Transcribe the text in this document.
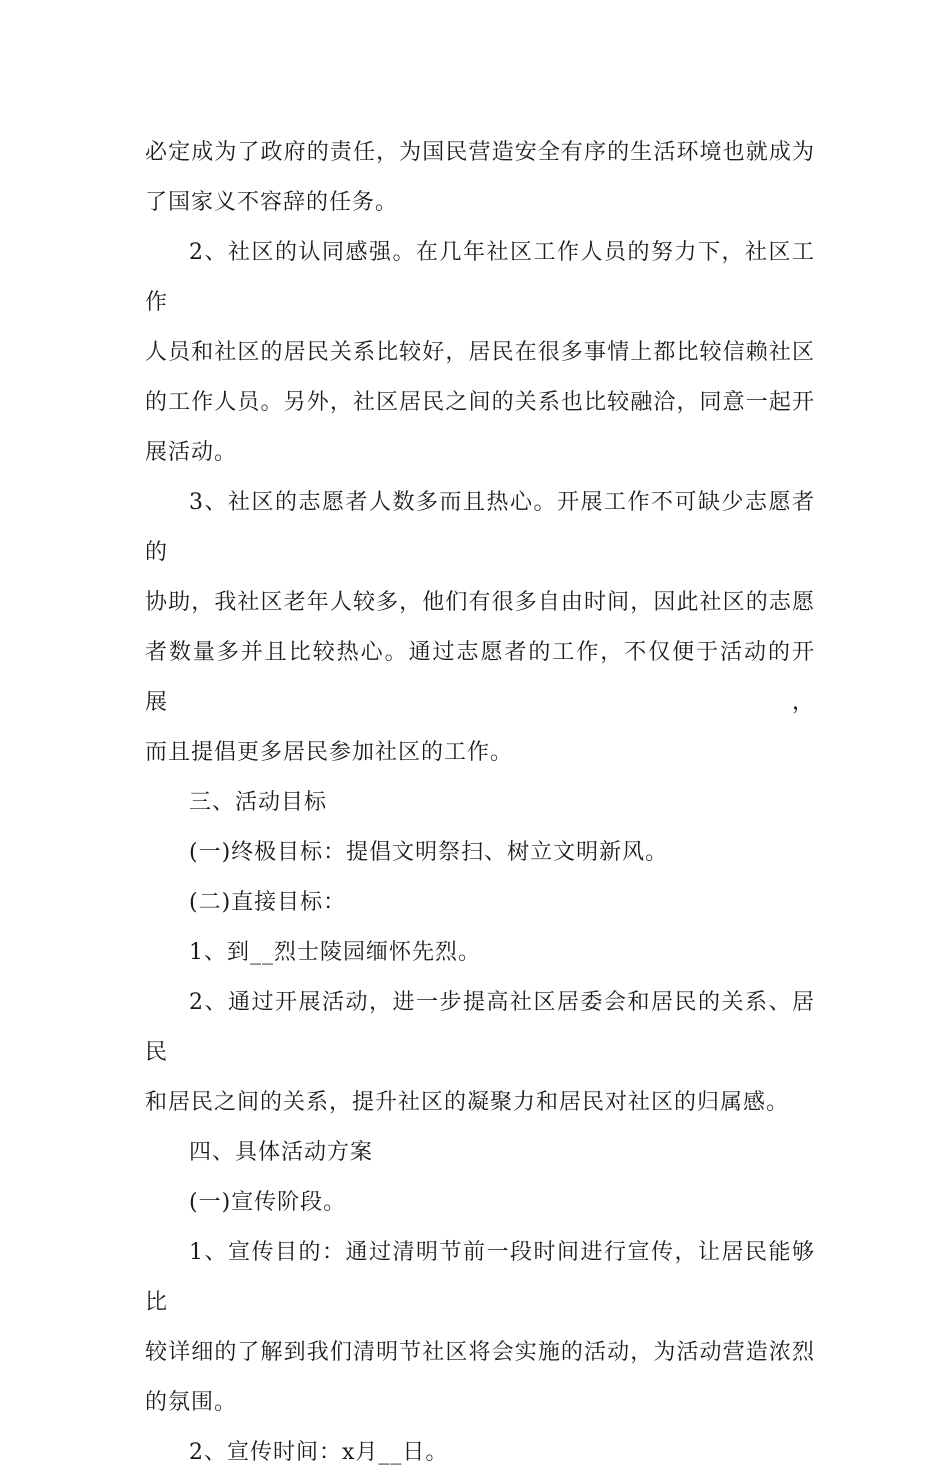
必定成为了政府的责任，为国民营造安全有序的生活环境也就成为
了国家义不容辞的任务。
2、社区的认同感强。在几年社区工作人员的努力下，社区工作
人员和社区的居民关系比较好，居民在很多事情上都比较信赖社区
的工作人员。另外，社区居民之间的关系也比较融洽，同意一起开
展活动。
3、社区的志愿者人数多而且热心。开展工作不可缺少志愿者的
协助，我社区老年人较多，他们有很多自由时间，因此社区的志愿
者数量多并且比较热心。通过志愿者的工作，不仅便于活动的开展，
而且提倡更多居民参加社区的工作。
三、活动目标
(一)终极目标：提倡文明祭扫、树立文明新风。
(二)直接目标：
1、到__烈士陵园缅怀先烈。
2、通过开展活动，进一步提高社区居委会和居民的关系、居民
和居民之间的关系，提升社区的凝聚力和居民对社区的归属感。
四、具体活动方案
(一)宣传阶段。
1、宣传目的：通过清明节前一段时间进行宣传，让居民能够比
较详细的了解到我们清明节社区将会实施的活动，为活动营造浓烈
的氛围。
2、宣传时间：x月__日。
